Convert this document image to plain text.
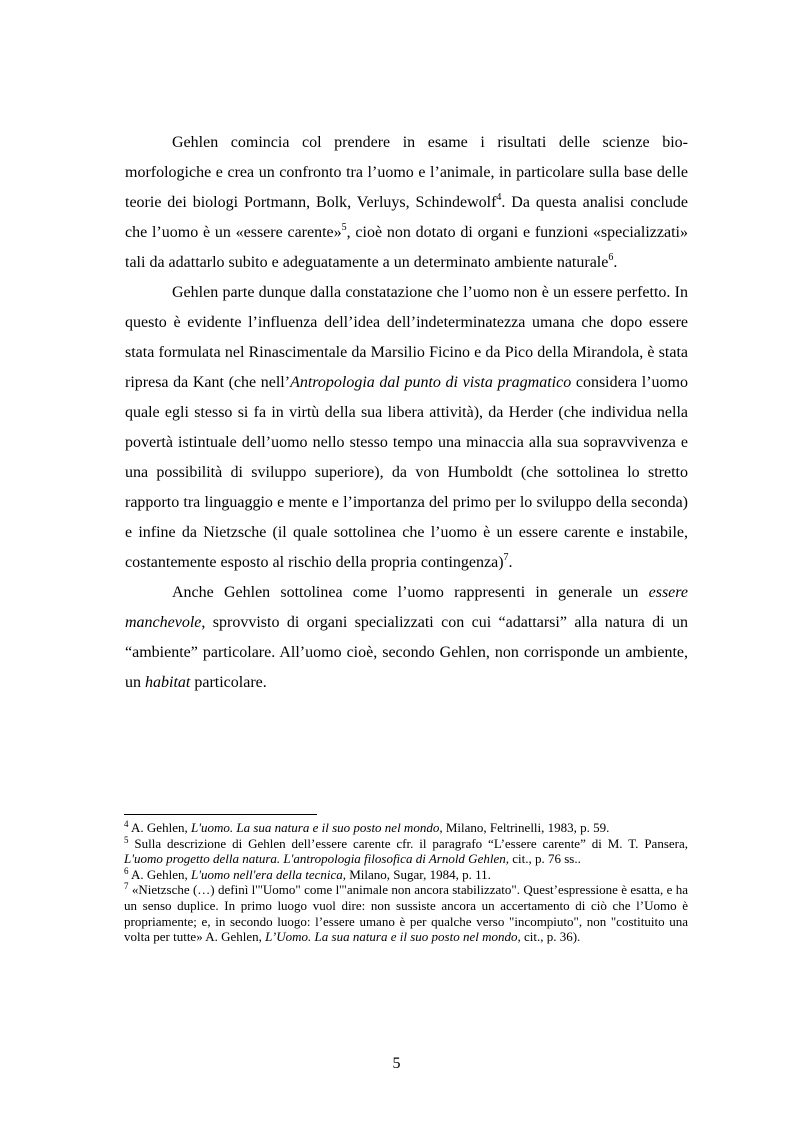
Gehlen comincia col prendere in esame i risultati delle scienze bio-morfologiche e crea un confronto tra l’uomo e l’animale, in particolare sulla base delle teorie dei biologi Portmann, Bolk, Verluys, Schindewolf$^4$. Da questa analisi conclude che l’uomo è un «essere carente»$^5$, cioè non dotato di organi e funzioni «specializzati» tali da adattarlo subito e adeguatamente a un determinato ambiente naturale$^6$.

Gehlen parte dunque dalla constatazione che l’uomo non è un essere perfetto. In questo è evidente l’influenza dell’idea dell’indeterminatezza umana che dopo essere stata formulata nel Rinascimentale da Marsilio Ficino e da Pico della Mirandola, è stata ripresa da Kant (che nell’Antropologia dal punto di vista pragmatico considera l’uomo quale egli stesso si fa in virtù della sua libera attività), da Herder (che individua nella povertà istintuale dell’uomo nello stesso tempo una minaccia alla sua sopravvivenza e una possibilità di sviluppo superiore), da von Humboldt (che sottolinea lo stretto rapporto tra linguaggio e mente e l’importanza del primo per lo sviluppo della seconda) e infine da Nietzsche (il quale sottolinea che l’uomo è un essere carente e instabile, costantemente esposto al rischio della propria contingenza)$^7$.

Anche Gehlen sottolinea come l’uomo rappresenti in generale un essere manchevole, sprovvisto di organi specializzati con cui “adattarsi” alla natura di un “ambiente” particolare. All’uomo cioè, secondo Gehlen, non corrisponde un ambiente, un habitat particolare.

$^4$ A. Gehlen, L'uomo. La sua natura e il suo posto nel mondo, Milano, Feltrinelli, 1983, p. 59.

$^5$ Sulla descrizione di Gehlen dell’essere carente cfr. il paragrafo “L’essere carente” di M. T. Pansera, L'uomo progetto della natura. L'antropologia filosofica di Arnold Gehlen, cit., p. 76 ss..

$^6$ A. Gehlen, L'uomo nell'era della tecnica, Milano, Sugar, 1984, p. 11.

$^7$ «Nietzsche (…) definì l'"Uomo" come l'"animale non ancora stabilizzato". Quest’espressione è esatta, e ha un senso duplice. In primo luogo vuol dire: non sussiste ancora un accertamento di ciò che l’Uomo è propriamente; e, in secondo luogo: l’essere umano è per qualche verso "incompiuto", non "costituito una volta per tutte» A. Gehlen, L’Uomo. La sua natura e il suo posto nel mondo, cit., p. 36).

5
